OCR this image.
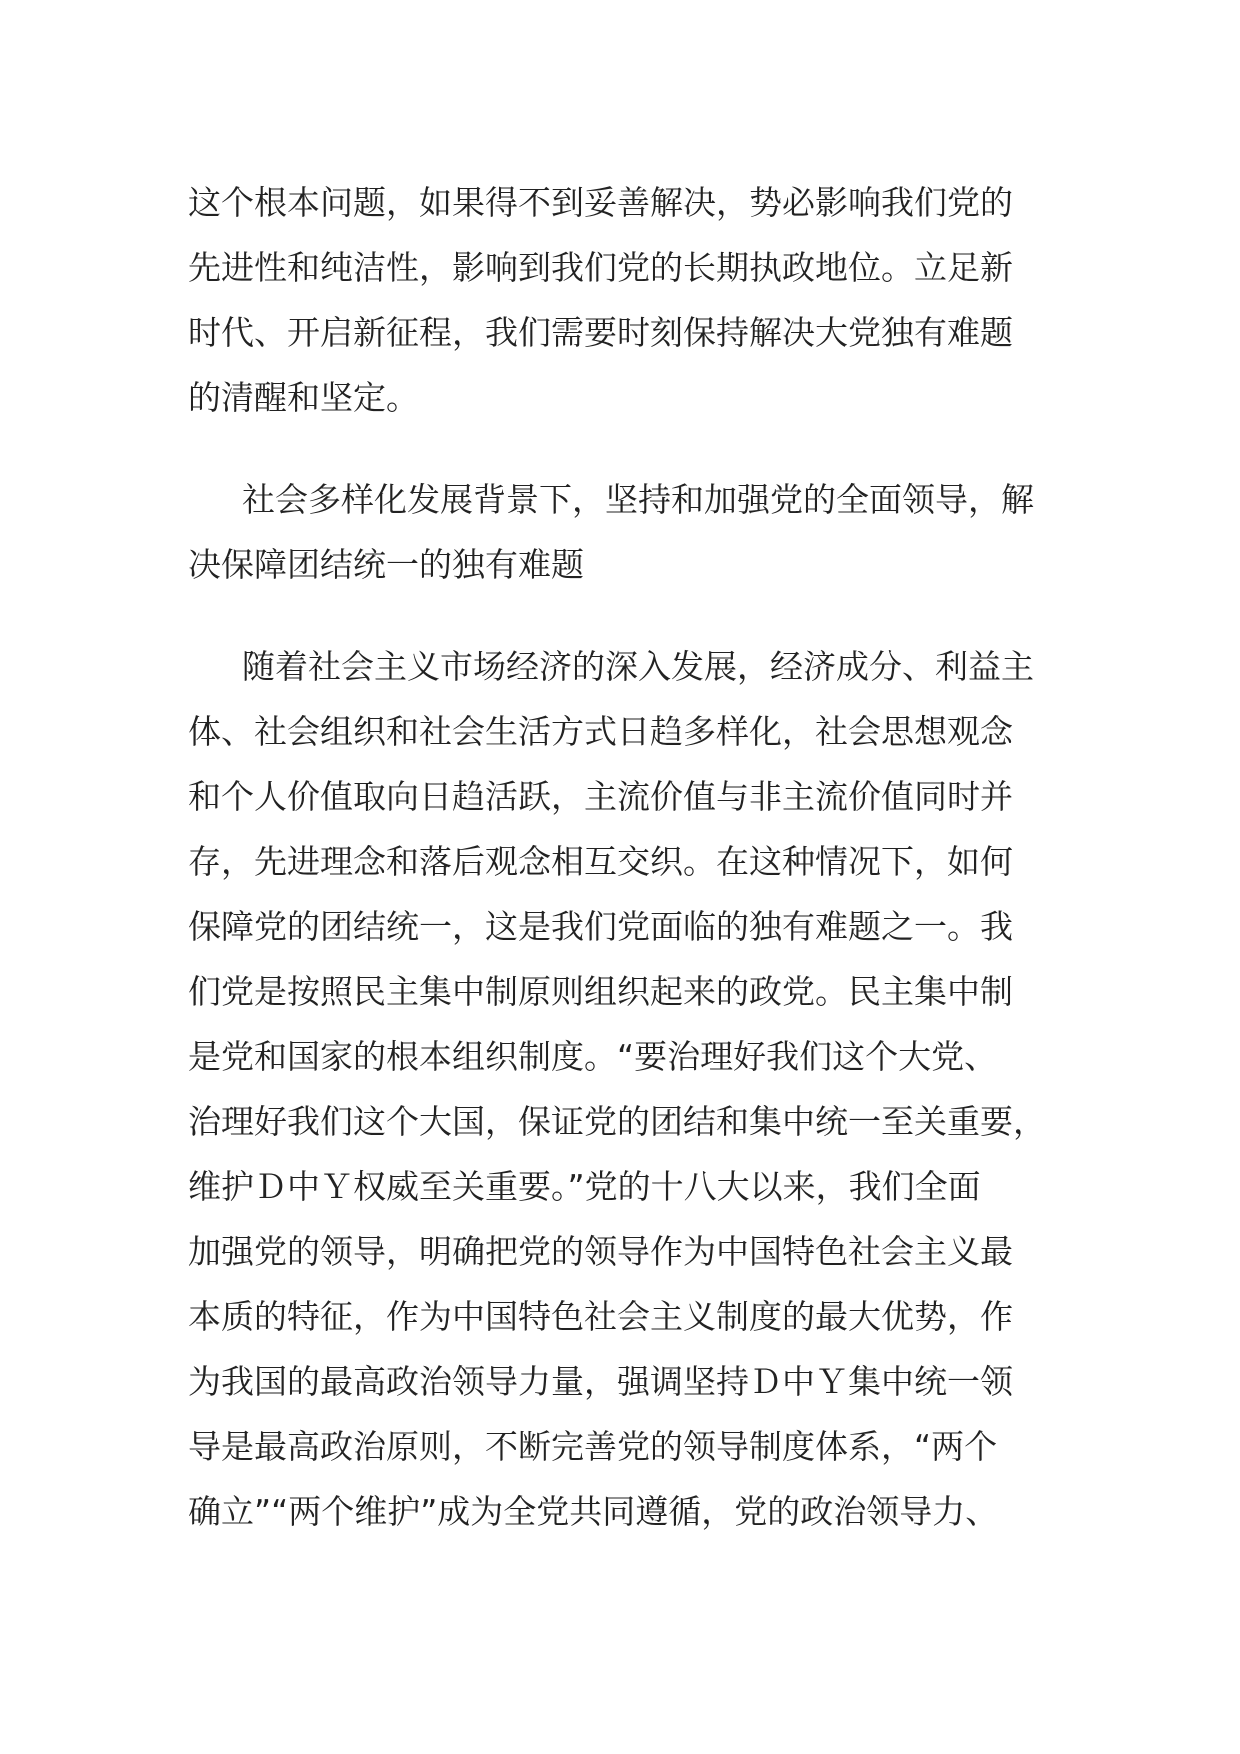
这个根本问题，如果得不到妥善解决，势必影响我们党的
先进性和纯洁性，影响到我们党的长期执政地位。立足新
时代、开启新征程，我们需要时刻保持解决大党独有难题
的清醒和坚定。

社会多样化发展背景下，坚持和加强党的全面领导，解
决保障团结统一的独有难题

随着社会主义市场经济的深入发展，经济成分、利益主
体、社会组织和社会生活方式日趋多样化，社会思想观念
和个人价值取向日趋活跃，主流价值与非主流价值同时并
存，先进理念和落后观念相互交织。在这种情况下，如何
保障党的团结统一，这是我们党面临的独有难题之一。我
们党是按照民主集中制原则组织起来的政党。民主集中制
是党和国家的根本组织制度。“要治理好我们这个大党、
治理好我们这个大国，保证党的团结和集中统一至关重要，
维护Ｄ中Ｙ权威至关重要。”党的十八大以来，我们全面
加强党的领导，明确把党的领导作为中国特色社会主义最
本质的特征，作为中国特色社会主义制度的最大优势，作
为我国的最高政治领导力量，强调坚持Ｄ中Ｙ集中统一领
导是最高政治原则，不断完善党的领导制度体系，“两个
确立”“两个维护”成为全党共同遵循，党的政治领导力、
